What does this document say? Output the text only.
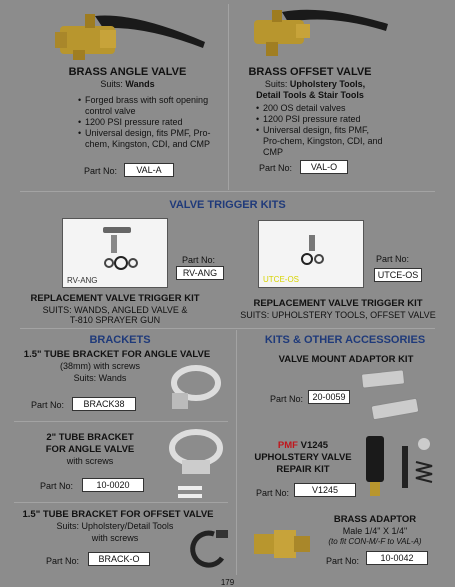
BRASS ANGLE VALVE
Suits: Wands
• Forged brass with soft opening control valve
• 1200 PSI pressure rated
• Universal design, fits PMF, Pro-chem, Kingston, CDI, and CMP
Part No:	VAL-A
BRASS OFFSET VALVE
Suits: Upholstery Tools,
Detail Tools & Stair Tools
• 200 OS detail valves
• 1200 PSI pressure rated
• Universal design, fits PMF, Pro-chem, Kingston, CDI, and CMP
Part No:	VAL-O
VALVE TRIGGER KITS
RV-ANG
Part No:
RV-ANG
UTCE-OS
Part No:
UTCE-OS
REPLACEMENT VALVE TRIGGER KIT
SUITS: WANDS, ANGLED VALVE &
T-810 SPRAYER GUN
REPLACEMENT VALVE TRIGGER KIT
SUITS: UPHOLSTERY TOOLS, OFFSET VALVE
BRACKETS
1.5" TUBE BRACKET FOR ANGLE VALVE
(38mm) with screws
Suits: Wands
Part No:	BRACK38
2" TUBE BRACKET
FOR ANGLE VALVE
with screws
Part No:	10-0020
1.5" TUBE BRACKET FOR OFFSET VALVE
Suits: Upholstery/Detail Tools
with screws
Part No:	BRACK-O
KITS & OTHER ACCESSORIES
VALVE MOUNT ADAPTOR KIT
Part No:	20-0059
PMF V1245
UPHOLSTERY VALVE
REPAIR KIT
Part No:	V1245
BRASS ADAPTOR
Male 1/4" X 1/4"
(to fit CON-M/-F to VAL-A)
Part No:	10-0042
179
